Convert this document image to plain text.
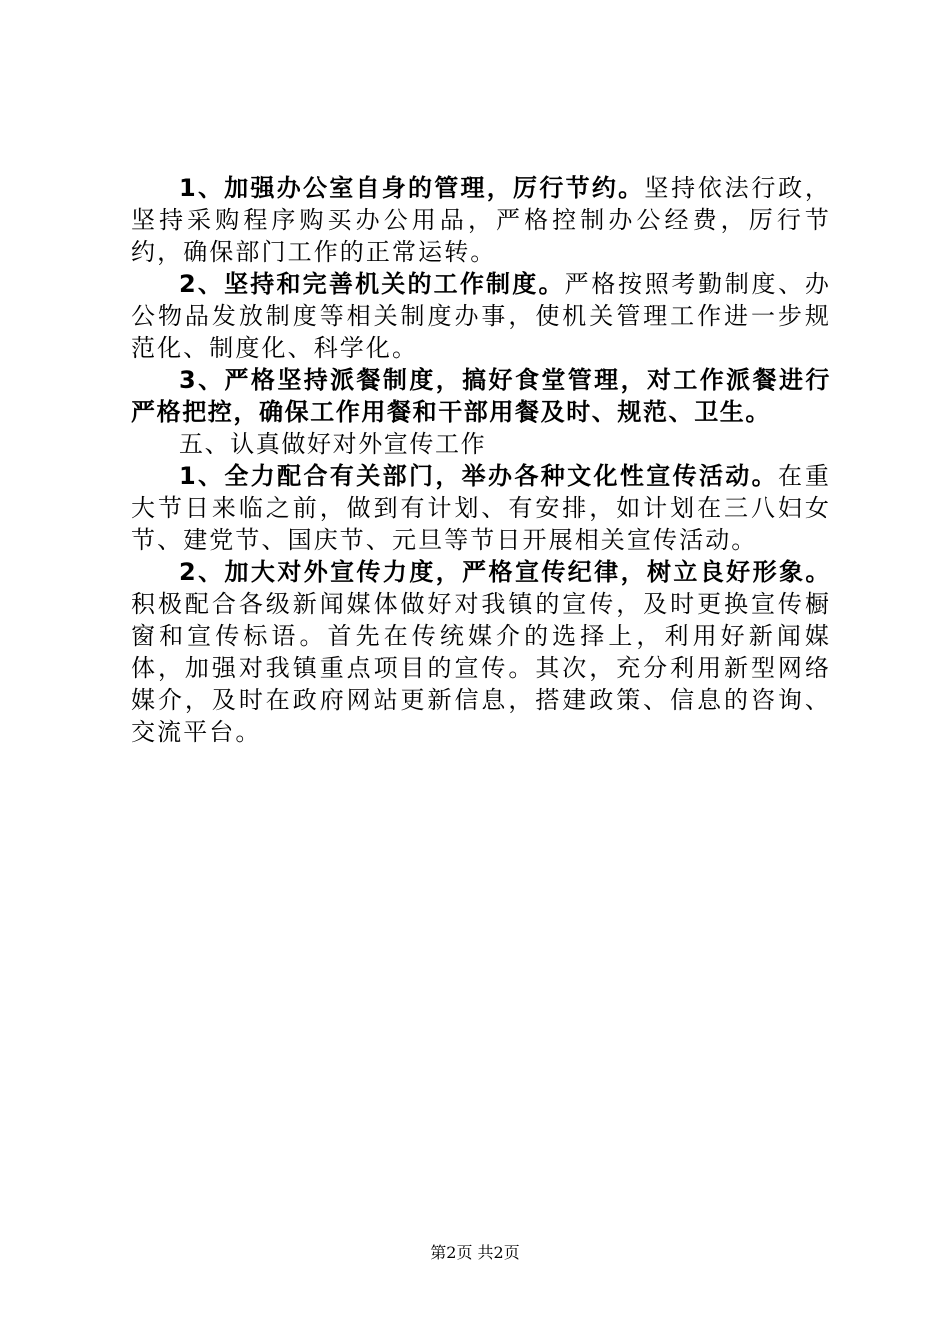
1、加强办公室自身的管理，厉行节约。坚持依法行政，坚持采购程序购买办公用品，严格控制办公经费，厉行节约，确保部门工作的正常运转。

2、坚持和完善机关的工作制度。严格按照考勤制度、办公物品发放制度等相关制度办事，使机关管理工作进一步规范化、制度化、科学化。

3、严格坚持派餐制度，搞好食堂管理，对工作派餐进行严格把控，确保工作用餐和干部用餐及时、规范、卫生。

五、认真做好对外宣传工作

1、全力配合有关部门，举办各种文化性宣传活动。在重大节日来临之前，做到有计划、有安排，如计划在三八妇女节、建党节、国庆节、元旦等节日开展相关宣传活动。

2、加大对外宣传力度，严格宣传纪律，树立良好形象。积极配合各级新闻媒体做好对我镇的宣传，及时更换宣传橱窗和宣传标语。首先在传统媒介的选择上，利用好新闻媒体，加强对我镇重点项目的宣传。其次，充分利用新型网络媒介，及时在政府网站更新信息，搭建政策、信息的咨询、交流平台。

第2页 共2页
